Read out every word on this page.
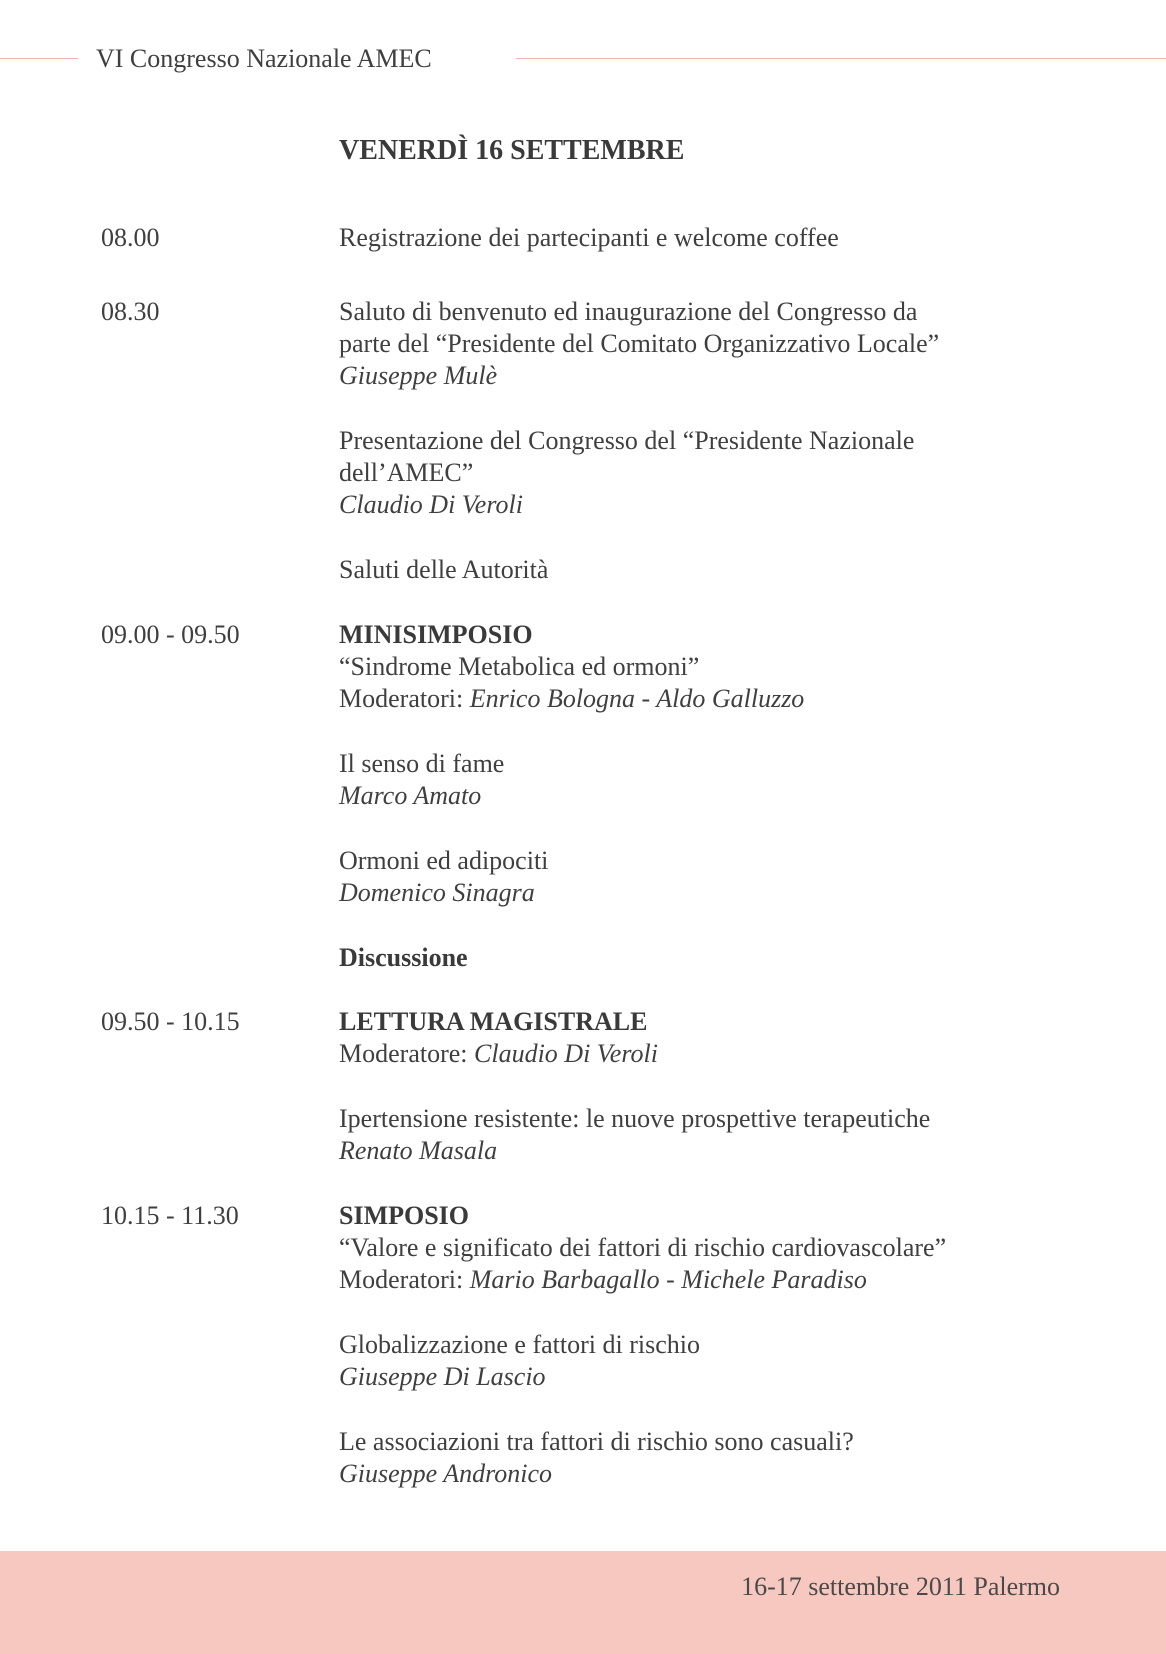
VI Congresso Nazionale AMEC
VENERDÌ 16 SETTEMBRE
08.00	Registrazione dei partecipanti e welcome coffee
08.30	Saluto di benvenuto ed inaugurazione del Congresso da
parte del “Presidente del Comitato Organizzativo Locale”
Giuseppe Mulè
Presentazione del Congresso del “Presidente Nazionale
dell’AMEC”
Claudio Di Veroli
Saluti delle Autorità
09.00 - 09.50	MINISIMPOSIO
“Sindrome Metabolica ed ormoni”
Moderatori: Enrico Bologna - Aldo Galluzzo
Il senso di fame
Marco Amato
Ormoni ed adipociti
Domenico Sinagra
Discussione
09.50 - 10.15	LETTURA MAGISTRALE
Moderatore: Claudio Di Veroli
Ipertensione resistente: le nuove prospettive terapeutiche
Renato Masala
10.15 - 11.30	SIMPOSIO
“Valore e significato dei fattori di rischio cardiovascolare”
Moderatori: Mario Barbagallo - Michele Paradiso
Globalizzazione e fattori di rischio
Giuseppe Di Lascio
Le associazioni tra fattori di rischio sono casuali?
Giuseppe Andronico
16-17 settembre 2011 Palermo
